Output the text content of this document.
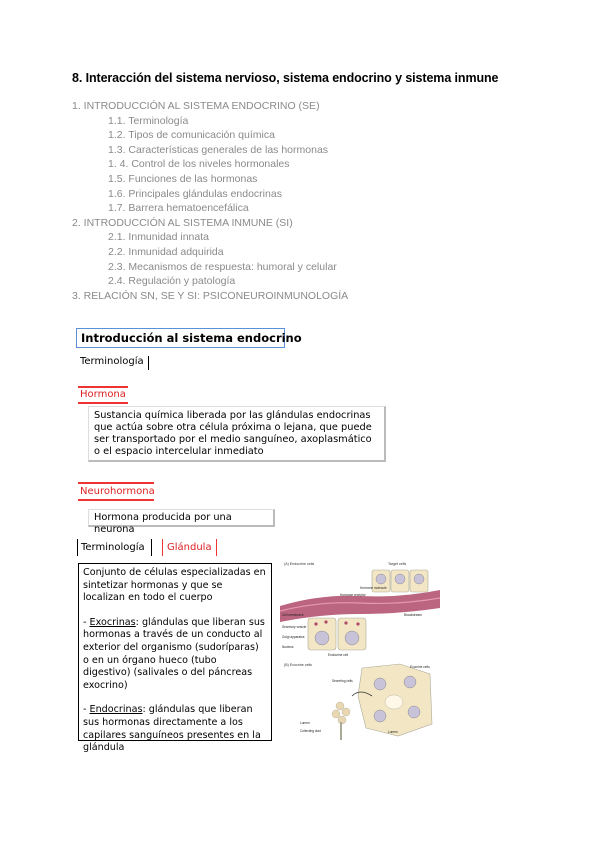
8. Interacción del sistema nervioso, sistema endocrino y sistema inmune
1. INTRODUCCIÓN AL SISTEMA ENDOCRINO (SE)
1.1. Terminología
1.2. Tipos de comunicación química
1.3. Características generales de las hormonas
1. 4. Control de los niveles hormonales
1.5. Funciones de las hormonas
1.6. Principales glándulas endocrinas
1.7. Barrera hematoencefálica
2. INTRODUCCIÓN AL SISTEMA INMUNE (SI)
2.1. Inmunidad innata
2.2. Inmunidad adquirida
2.3. Mecanismos de respuesta: humoral y celular
2.4. Regulación y patología
3. RELACIÓN SN, SE Y SI: PSICONEUROINMUNOLOGÍA
Introducción al sistema endocrino
Terminología
Hormona
Sustancia química liberada por las glándulas endocrinas que actúa sobre otra célula próxima o lejana, que puede ser transportado por el medio sanguíneo, axoplasmático o el espacio intercelular inmediato
Neurohormona
Hormona producida por una neurona
Terminología Glándula

Conjunto de células especializadas en sintetizar hormonas y que se localizan en todo el cuerpo

- Exocrinas: glándulas que liberan sus hormonas a través de un conducto al exterior del organismo (sudoríparas) o en un órgano hueco (tubo digestivo) (salivales o del páncreas exocrino)

- Endocrinas: glándulas que liberan sus hormonas directamente a los capilares sanguíneos presentes en la glándula

(A) Endocrine cells	Target cells
Hormone molecule
Hormone receptor
Bloodstream
Cell membrane
Secretory vesicle
Golgi apparatus
Nucleus
Endocrine cell
(B) Exocrine cells
Secreting cells
Exocrine cells
Lumen
Lumen
Collecting duct
